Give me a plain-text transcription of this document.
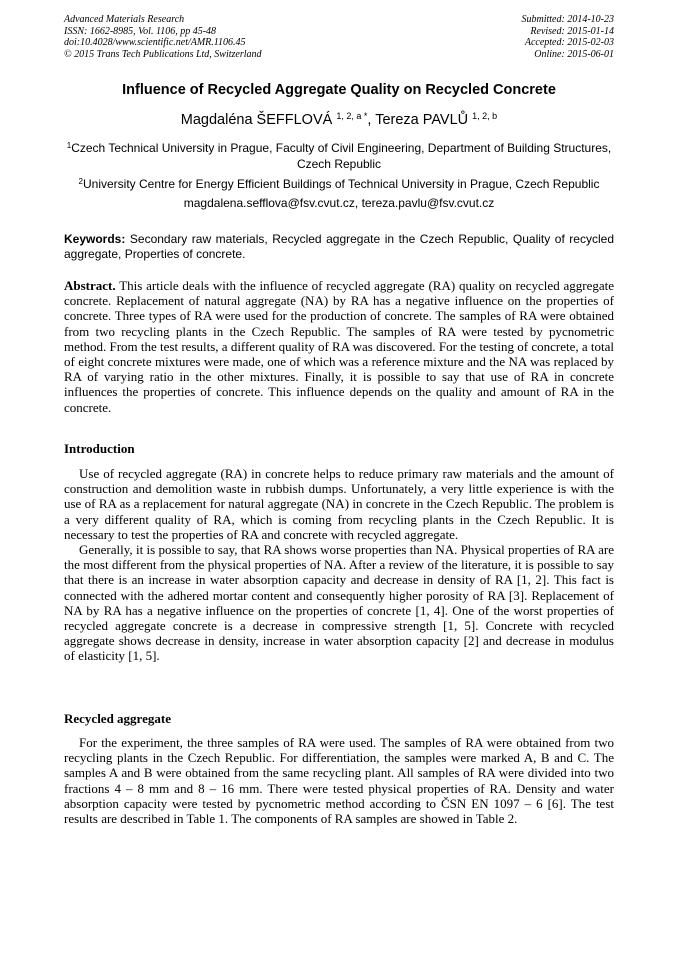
Advanced Materials Research
ISSN: 1662-8985, Vol. 1106, pp 45-48
doi:10.4028/www.scientific.net/AMR.1106.45
© 2015 Trans Tech Publications Ltd, Switzerland
Submitted: 2014-10-23
Revised: 2015-01-14
Accepted: 2015-02-03
Online: 2015-06-01
Influence of Recycled Aggregate Quality on Recycled Concrete
Magdaléna ŠEFFLOVÁ $^{1, 2, a *}$, Tereza PAVLŮ $^{1, 2, b}$
$^1$Czech Technical University in Prague, Faculty of Civil Engineering, Department of Building Structures, Czech Republic
$^2$University Centre for Energy Efficient Buildings of Technical University in Prague, Czech Republic
magdalena.sefflova@fsv.cvut.cz, tereza.pavlu@fsv.cvut.cz
Keywords: Secondary raw materials, Recycled aggregate in the Czech Republic, Quality of recycled aggregate, Properties of concrete.

Abstract. This article deals with the influence of recycled aggregate (RA) quality on recycled aggregate concrete. Replacement of natural aggregate (NA) by RA has a negative influence on the properties of concrete. Three types of RA were used for the production of concrete. The samples of RA were obtained from two recycling plants in the Czech Republic. The samples of RA were tested by pycnometric method. From the test results, a different quality of RA was discovered. For the testing of concrete, a total of eight concrete mixtures were made, one of which was a reference mixture and the NA was replaced by RA of varying ratio in the other mixtures. Finally, it is possible to say that use of RA in concrete influences the properties of concrete. This influence depends on the quality and amount of RA in the concrete.

Introduction

Use of recycled aggregate (RA) in concrete helps to reduce primary raw materials and the amount of construction and demolition waste in rubbish dumps. Unfortunately, a very little experience is with the use of RA as a replacement for natural aggregate (NA) in concrete in the Czech Republic. The problem is a very different quality of RA, which is coming from recycling plants in the Czech Republic. It is necessary to test the properties of RA and concrete with recycled aggregate.

Generally, it is possible to say, that RA shows worse properties than NA. Physical properties of RA are the most different from the physical properties of NA. After a review of the literature, it is possible to say that there is an increase in water absorption capacity and decrease in density of RA [1, 2]. This fact is connected with the adhered mortar content and consequently higher porosity of RA [3]. Replacement of NA by RA has a negative influence on the properties of concrete [1, 4]. One of the worst properties of recycled aggregate concrete is a decrease in compressive strength [1, 5]. Concrete with recycled aggregate shows decrease in density, increase in water absorption capacity [2] and decrease in modulus of elasticity [1, 5].

Recycled aggregate

For the experiment, the three samples of RA were used. The samples of RA were obtained from two recycling plants in the Czech Republic. For differentiation, the samples were marked A, B and C. The samples A and B were obtained from the same recycling plant. All samples of RA were divided into two fractions 4 – 8 mm and 8 – 16 mm. There were tested physical properties of RA. Density and water absorption capacity were tested by pycnometric method according to ČSN EN 1097 – 6 [6]. The test results are described in Table 1. The components of RA samples are showed in Table 2.
